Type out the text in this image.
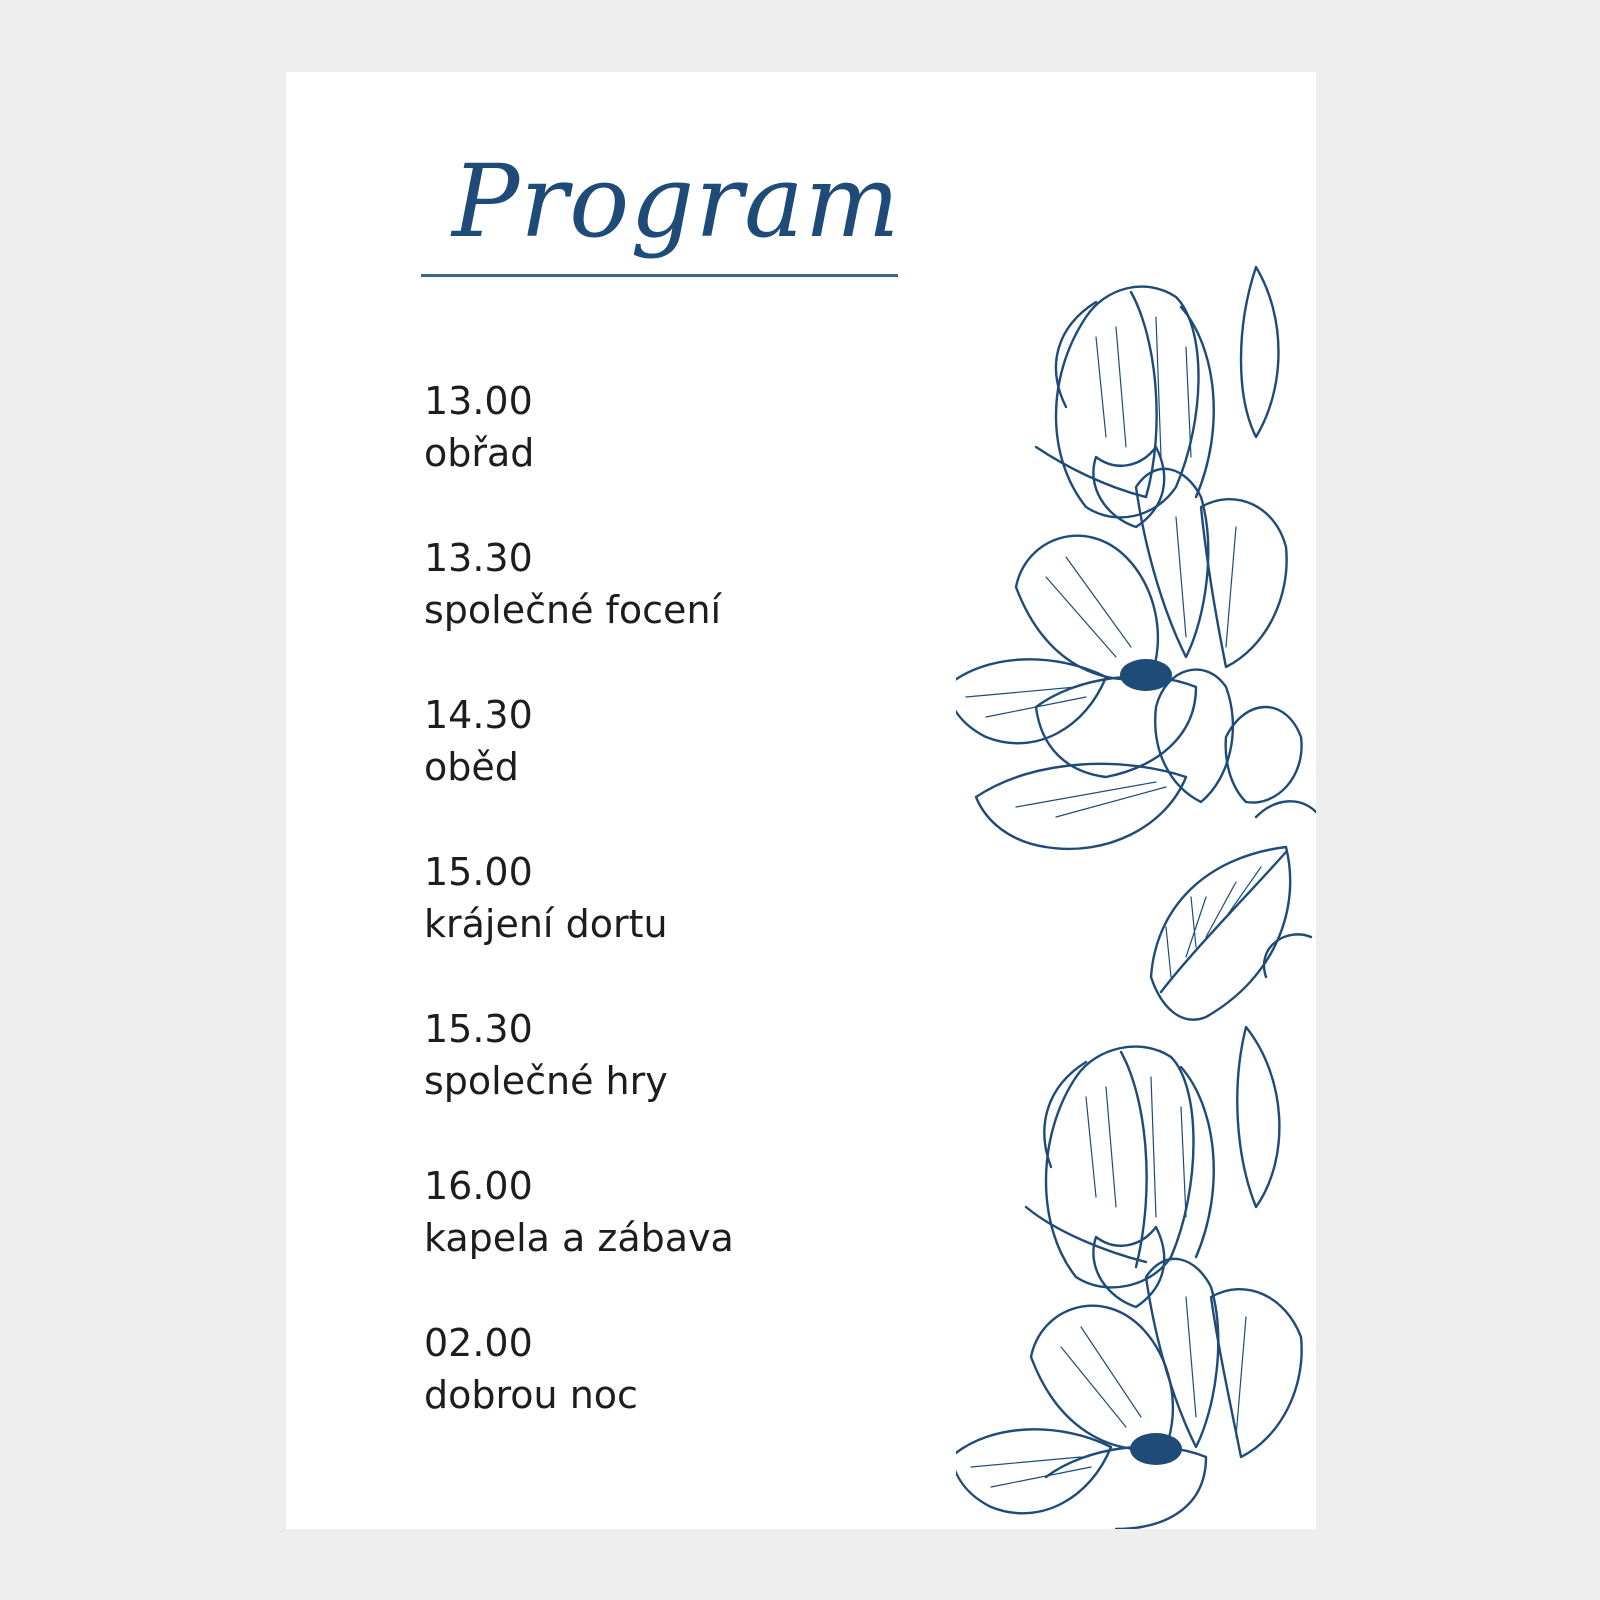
Program
13.00
obřad
13.30
společné focení
14.30
oběd
15.00
krájení dortu
15.30
společné hry
16.00
kapela a zábava
02.00
dobrou noc
